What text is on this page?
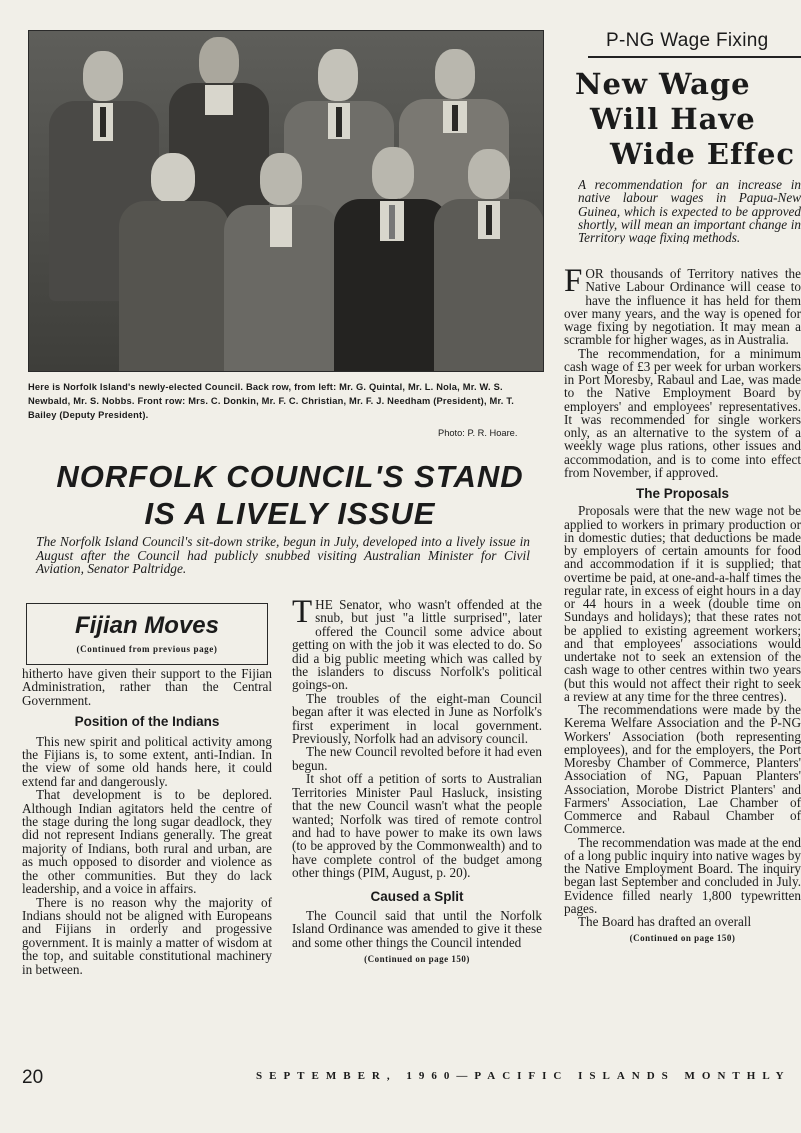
Here is Norfolk Island's newly-elected Council. Back row, from left: Mr. G. Quintal, Mr. L. Nola, Mr. W. S. Newbald, Mr. S. Nobbs. Front row: Mrs. C. Donkin, Mr. F. C. Christian, Mr. F. J. Needham (President), Mr. T. Bailey (Deputy President).
Photo: P. R. Hoare.
NORFOLK COUNCIL'S STAND
IS A LIVELY ISSUE
The Norfolk Island Council's sit-down strike, begun in July, developed into a lively issue in August after the Council had publicly snubbed visiting Australian Minister for Civil Aviation, Senator Paltridge.
Fijian Moves
(Continued from previous page)

hitherto have given their support to the Fijian Administration, rather than the Central Government.

Position of the Indians

This new spirit and political activity among the Fijians is, to some extent, anti-Indian. In the view of some old hands here, it could extend far and dangerously.

That development is to be deplored. Although Indian agitators held the centre of the stage during the long sugar deadlock, they did not represent Indians generally. The great majority of Indians, both rural and urban, are as much opposed to disorder and violence as the other communities. But they do lack leadership, and a voice in affairs.

There is no reason why the majority of Indians should not be aligned with Europeans and Fijians in orderly and progessive government. It is mainly a matter of wisdom at the top, and suitable constitutional machinery in between.

THE Senator, who wasn't offended at the snub, but just "a little surprised", later offered the Council some advice about getting on with the job it was elected to do. So did a big public meeting which was called by the islanders to discuss Norfolk's political goings-on.

The troubles of the eight-man Council began after it was elected in June as Norfolk's first experiment in local government. Previously, Norfolk had an advisory council.

The new Council revolted before it had even begun.

It shot off a petition of sorts to Australian Territories Minister Paul Hasluck, insisting that the new Council wasn't what the people wanted; Norfolk was tired of remote control and had to have power to make its own laws (to be approved by the Commonwealth) and to have complete control of the budget among other things (PIM, August, p. 20).

Caused a Split

The Council said that until the Norfolk Island Ordinance was amended to give it these and some other things the Council intended

(Continued on page 150)
P-NG Wage Fixing
New Wage
Will Have
Wide Effec
A recommendation for an increase in native labour wages in Papua-New Guinea, which is expected to be approved shortly, will mean an important change in Territory wage fixing methods.

FOR thousands of Territory natives the Native Labour Ordinance will cease to have the influence it has held for them over many years, and the way is opened for wage fixing by negotiation. It may mean a scramble for higher wages, as in Australia.

The recommendation, for a minimum cash wage of £3 per week for urban workers in Port Moresby, Rabaul and Lae, was made to the Native Employment Board by employers' and employees' representatives. It was recommended for single workers only, as an alternative to the system of a weekly wage plus rations, other issues and accommodation, and is to come into effect from November, if approved.

The Proposals

Proposals were that the new wage not be applied to workers in primary production or in domestic duties; that deductions be made by employers of certain amounts for food and accommodation if it is supplied; that overtime be paid, at one-and-a-half times the regular rate, in excess of eight hours in a day or 44 hours in a week (double time on Sundays and holidays); that these rates not be applied to existing agreement workers; and that employees' associations would undertake not to seek an extension of the cash wage to other centres within two years (but this would not affect their right to seek a review at any time for the three centres).

The recommendations were made by the Kerema Welfare Association and the P-NG Workers' Association (both representing employees), and for the employers, the Port Moresby Chamber of Commerce, Planters' Association of NG, Papuan Planters' Association, Morobe District Planters' and Farmers' Association, Lae Chamber of Commerce and Rabaul Chamber of Commerce.

The recommendation was made at the end of a long public inquiry into native wages by the Native Employment Board. The inquiry began last September and concluded in July. Evidence filled nearly 1,800 typewritten pages.

The Board has drafted an overall

(Continued on page 150)
20	SEPTEMBER, 1960—PACIFIC ISLANDS MONTHLY
